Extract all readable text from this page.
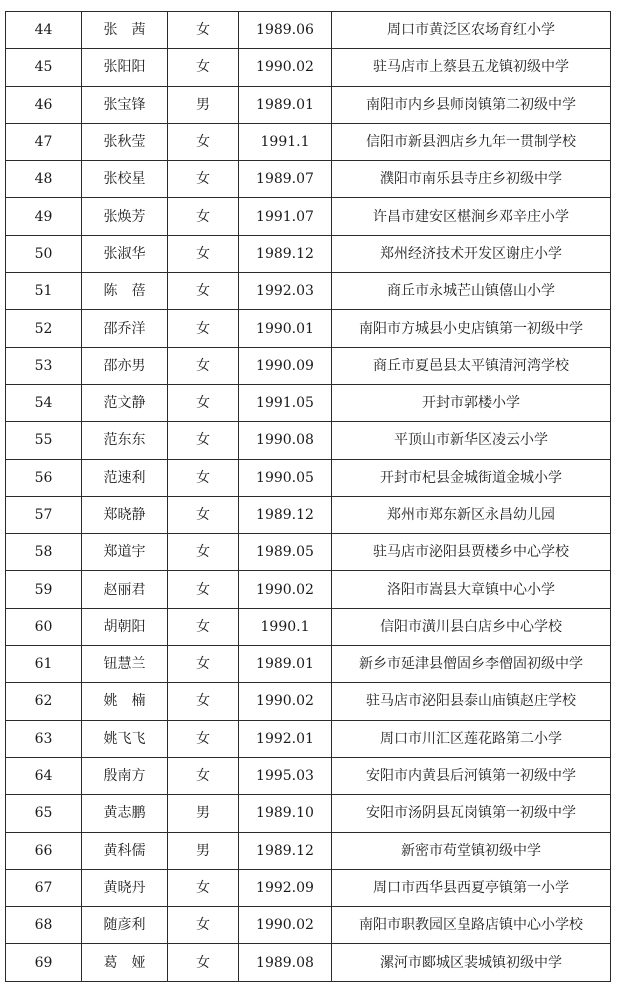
44	张　茜	女	1989.06	周口市黄泛区农场育红小学
45	张阳阳	女	1990.02	驻马店市上蔡县五龙镇初级中学
46	张宝锋	男	1989.01	南阳市内乡县师岗镇第二初级中学
47	张秋莹	女	1991.1	信阳市新县泗店乡九年一贯制学校
48	张校星	女	1989.07	濮阳市南乐县寺庄乡初级中学
49	张焕芳	女	1991.07	许昌市建安区椹涧乡邓辛庄小学
50	张淑华	女	1989.12	郑州经济技术开发区谢庄小学
51	陈　蓓	女	1992.03	商丘市永城芒山镇僖山小学
52	邵乔洋	女	1990.01	南阳市方城县小史店镇第一初级中学
53	邵亦男	女	1990.09	商丘市夏邑县太平镇清河湾学校
54	范文静	女	1991.05	开封市郭楼小学
55	范东东	女	1990.08	平顶山市新华区凌云小学
56	范速利	女	1990.05	开封市杞县金城街道金城小学
57	郑晓静	女	1989.12	郑州市郑东新区永昌幼儿园
58	郑道宇	女	1989.05	驻马店市泌阳县贾楼乡中心学校
59	赵丽君	女	1990.02	洛阳市嵩县大章镇中心小学
60	胡朝阳	女	1990.1	信阳市潢川县白店乡中心学校
61	钮慧兰	女	1989.01	新乡市延津县僧固乡李僧固初级中学
62	姚　楠	女	1990.02	驻马店市泌阳县泰山庙镇赵庄学校
63	姚飞飞	女	1992.01	周口市川汇区莲花路第二小学
64	殷南方	女	1995.03	安阳市内黄县后河镇第一初级中学
65	黄志鹏	男	1989.10	安阳市汤阴县瓦岗镇第一初级中学
66	黄科儒	男	1989.12	新密市苟堂镇初级中学
67	黄晓丹	女	1992.09	周口市西华县西夏亭镇第一小学
68	随彦利	女	1990.02	南阳市职教园区皇路店镇中心小学校
69	葛　娅	女	1989.08	漯河市郾城区裴城镇初级中学
